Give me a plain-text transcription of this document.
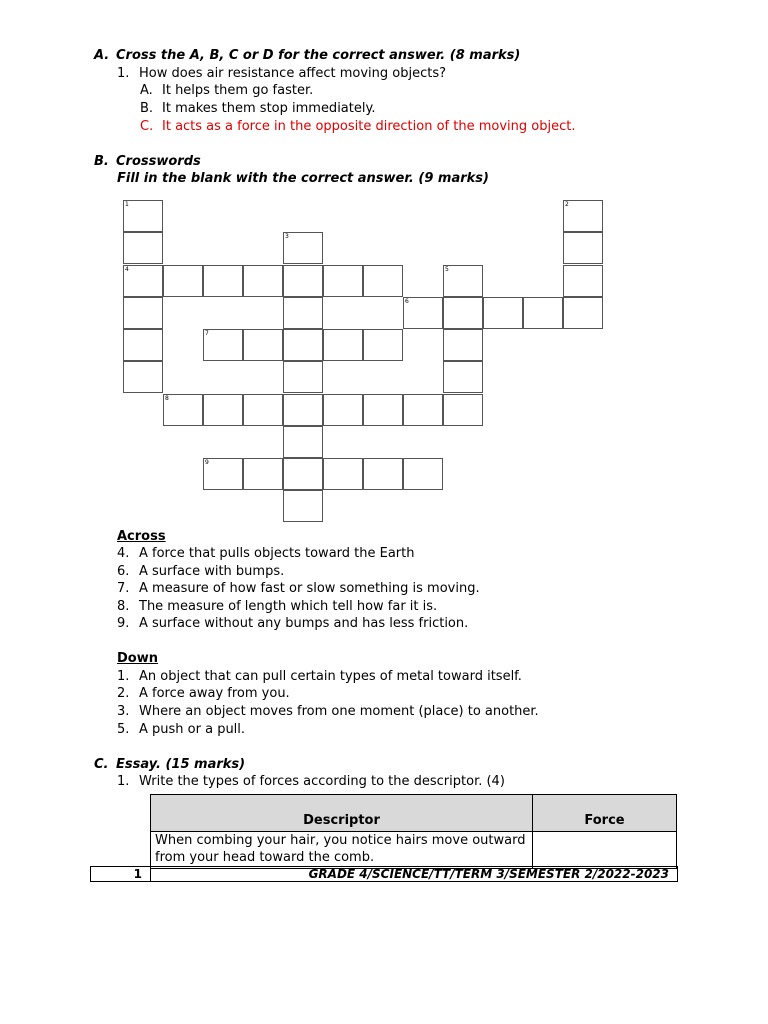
A. Cross the A, B, C or D for the correct answer. (8 marks)
1. How does air resistance affect moving objects?
A. It helps them go faster.
B. It makes them stop immediately.
C. It acts as a force in the opposite direction of the moving object.
B. Crosswords
Fill in the blank with the correct answer. (9 marks)
1
4
3
5
6
2
7
8
9
Across
4. A force that pulls objects toward the Earth
6. A surface with bumps.
7. A measure of how fast or slow something is moving.
8. The measure of length which tell how far it is.
9. A surface without any bumps and has less friction.
Down
1. An object that can pull certain types of metal toward itself.
2. A force away from you.
3. Where an object moves from one moment (place) to another.
5. A push or a pull.
C. Essay. (15 marks)
1. Write the types of forces according to the descriptor. (4)
Descriptor	Force
When combing your hair, you notice hairs move outward from your head toward the comb.	
1	GRADE 4/SCIENCE/TT/TERM 3/SEMESTER 2/2022-2023
